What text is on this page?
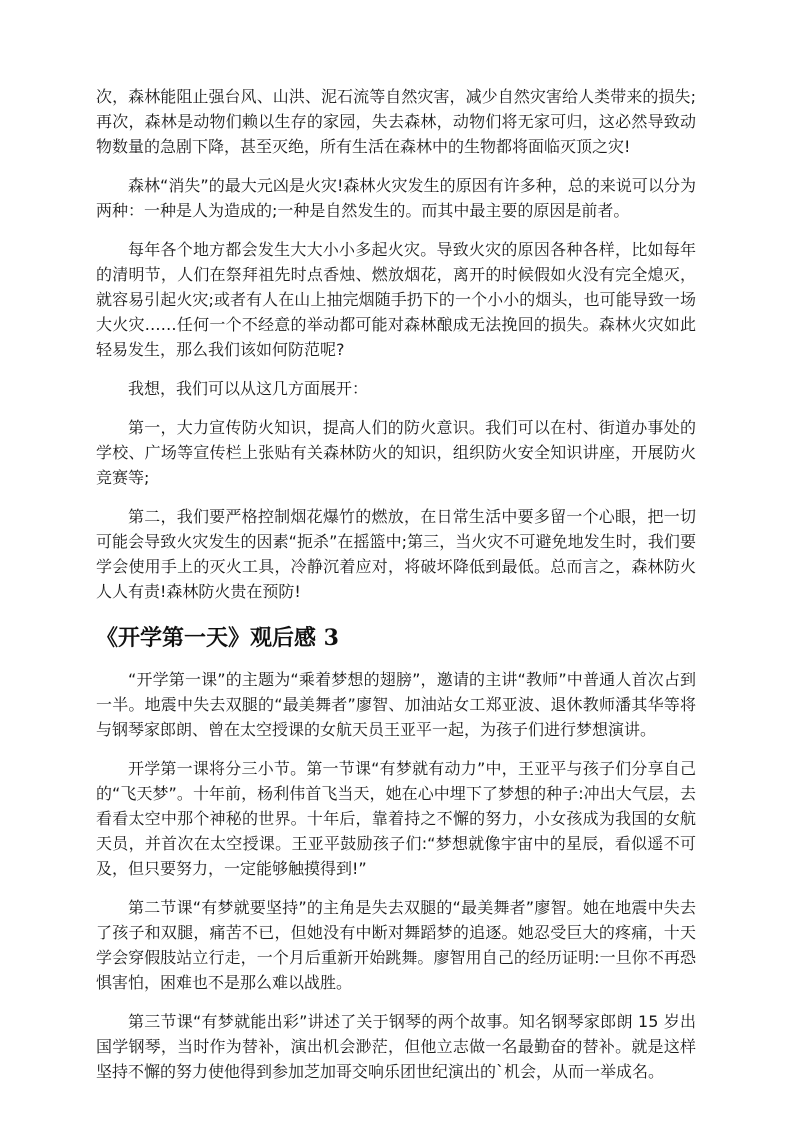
次，森林能阻止强台风、山洪、泥石流等自然灾害，减少自然灾害给人类带来的损失;再次，森林是动物们赖以生存的家园，失去森林，动物们将无家可归，这必然导致动物数量的急剧下降，甚至灭绝，所有生活在森林中的生物都将面临灭顶之灾!

森林“消失”的最大元凶是火灾!森林火灾发生的原因有许多种，总的来说可以分为两种：一种是人为造成的;一种是自然发生的。而其中最主要的原因是前者。

每年各个地方都会发生大大小小多起火灾。导致火灾的原因各种各样，比如每年的清明节，人们在祭拜祖先时点香烛、燃放烟花，离开的时候假如火没有完全熄灭，就容易引起火灾;或者有人在山上抽完烟随手扔下的一个小小的烟头，也可能导致一场大火灾……任何一个不经意的举动都可能对森林酿成无法挽回的损失。森林火灾如此轻易发生，那么我们该如何防范呢?

我想，我们可以从这几方面展开：

第一，大力宣传防火知识，提高人们的防火意识。我们可以在村、街道办事处的学校、广场等宣传栏上张贴有关森林防火的知识，组织防火安全知识讲座，开展防火竞赛等;

第二，我们要严格控制烟花爆竹的燃放，在日常生活中要多留一个心眼，把一切可能会导致火灾发生的因素“扼杀”在摇篮中;第三，当火灾不可避免地发生时，我们要学会使用手上的灭火工具，冷静沉着应对，将破坏降低到最低。总而言之，森林防火人人有责!森林防火贵在预防!

《开学第一天》观后感 3

“开学第一课”的主题为“乘着梦想的翅膀”，邀请的主讲“教师”中普通人首次占到一半。地震中失去双腿的“最美舞者”廖智、加油站女工郑亚波、退休教师潘其华等将与钢琴家郎朗、曾在太空授课的女航天员王亚平一起，为孩子们进行梦想演讲。

开学第一课将分三小节。第一节课“有梦就有动力”中，王亚平与孩子们分享自己的“飞天梦”。十年前，杨利伟首飞当天，她在心中埋下了梦想的种子:冲出大气层，去看看太空中那个神秘的世界。十年后，靠着持之不懈的努力，小女孩成为我国的女航天员，并首次在太空授课。王亚平鼓励孩子们:“梦想就像宇宙中的星辰，看似遥不可及，但只要努力，一定能够触摸得到!”

第二节课“有梦就要坚持”的主角是失去双腿的“最美舞者”廖智。她在地震中失去了孩子和双腿，痛苦不已，但她没有中断对舞蹈梦的追逐。她忍受巨大的疼痛，十天学会穿假肢站立行走，一个月后重新开始跳舞。廖智用自己的经历证明:一旦你不再恐惧害怕，困难也不是那么难以战胜。

第三节课“有梦就能出彩”讲述了关于钢琴的两个故事。知名钢琴家郎朗 15 岁出国学钢琴，当时作为替补，演出机会渺茫，但他立志做一名最勤奋的替补。就是这样坚持不懈的努力使他得到参加芝加哥交响乐团世纪演出的`机会，从而一举成名。
